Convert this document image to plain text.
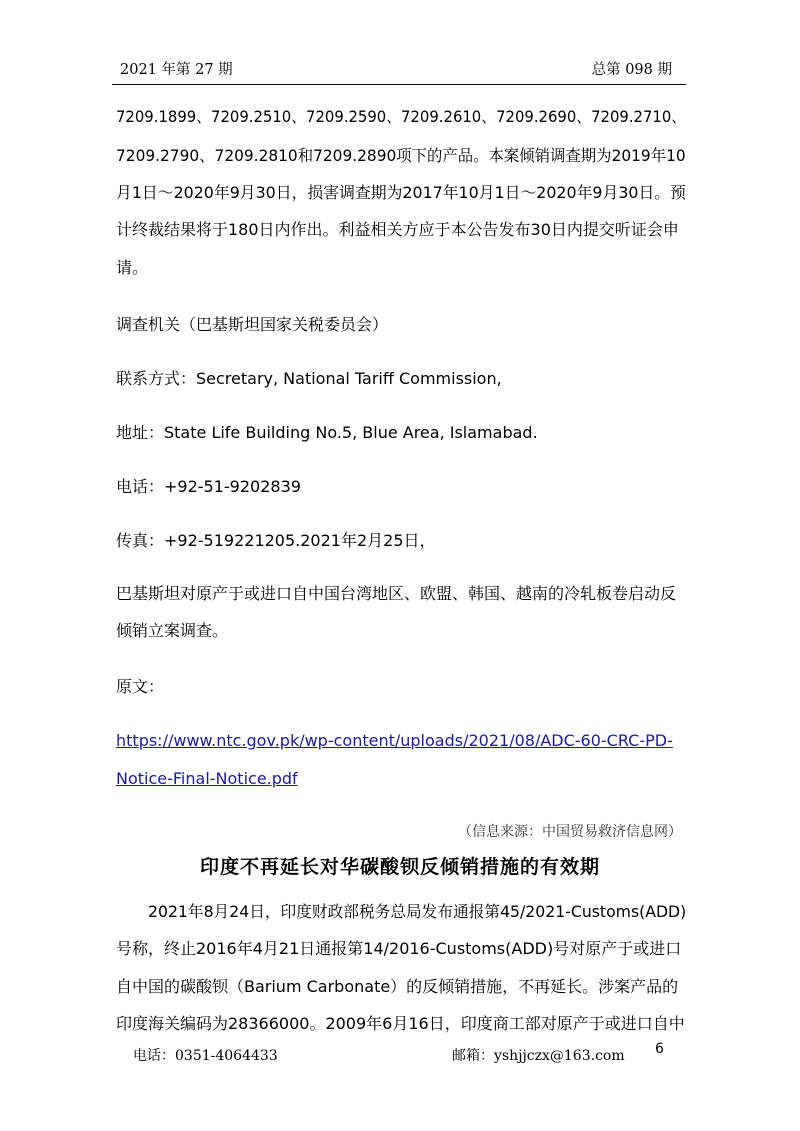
2021 年第 27 期	总第 098 期
7209.1899、7209.2510、7209.2590、7209.2610、7209.2690、7209.2710、
7209.2790、7209.2810和7209.2890项下的产品。本案倾销调查期为2019年10
月1日～2020年9月30日，损害调查期为2017年10月1日～2020年9月30日。预
计终裁结果将于180日内作出。利益相关方应于本公告发布30日内提交听证会申
请。
调查机关（巴基斯坦国家关税委员会）
联系方式：Secretary, National Tariff Commission,
地址：State Life Building No.5, Blue Area, Islamabad.
电话：+92-51-9202839
传真：+92-519221205.2021年2月25日，
巴基斯坦对原产于或进口自中国台湾地区、欧盟、韩国、越南的冷轧板卷启动反
倾销立案调查。
原文：
https://www.ntc.gov.pk/wp-content/uploads/2021/08/ADC-60-CRC-PD-
Notice-Final-Notice.pdf
（信息来源：中国贸易救济信息网）
印度不再延长对华碳酸钡反倾销措施的有效期
2021年8月24日，印度财政部税务总局发布通报第45/2021-Customs(ADD)
号称，终止2016年4月21日通报第14/2016-Customs(ADD)号对原产于或进口
自中国的碳酸钡（Barium Carbonate）的反倾销措施，不再延长。涉案产品的
印度海关编码为28366000。2009年6月16日，印度商工部对原产于或进口自中
电话：0351-4064433	邮箱：yshjjczx@163.com 6
